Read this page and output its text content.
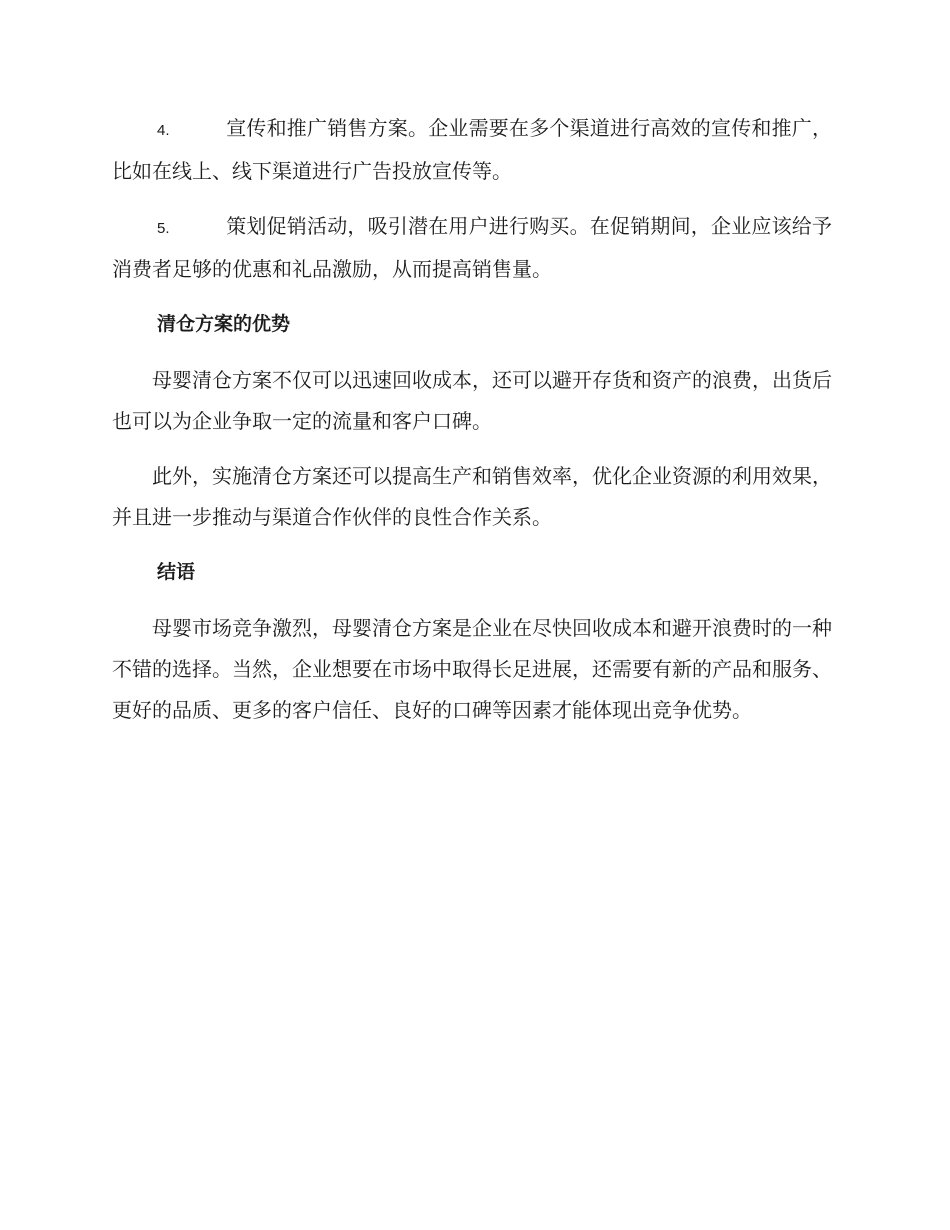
4.	宣传和推广销售方案。企业需要在多个渠道进行高效的宣传和推广，比如在线上、线下渠道进行广告投放宣传等。

5.	策划促销活动，吸引潜在用户进行购买。在促销期间，企业应该给予消费者足够的优惠和礼品激励，从而提高销售量。

清仓方案的优势

母婴清仓方案不仅可以迅速回收成本，还可以避开存货和资产的浪费，出货后也可以为企业争取一定的流量和客户口碑。

此外，实施清仓方案还可以提高生产和销售效率，优化企业资源的利用效果，并且进一步推动与渠道合作伙伴的良性合作关系。

结语

母婴市场竞争激烈，母婴清仓方案是企业在尽快回收成本和避开浪费时的一种不错的选择。当然，企业想要在市场中取得长足进展，还需要有新的产品和服务、更好的品质、更多的客户信任、良好的口碑等因素才能体现出竞争优势。
